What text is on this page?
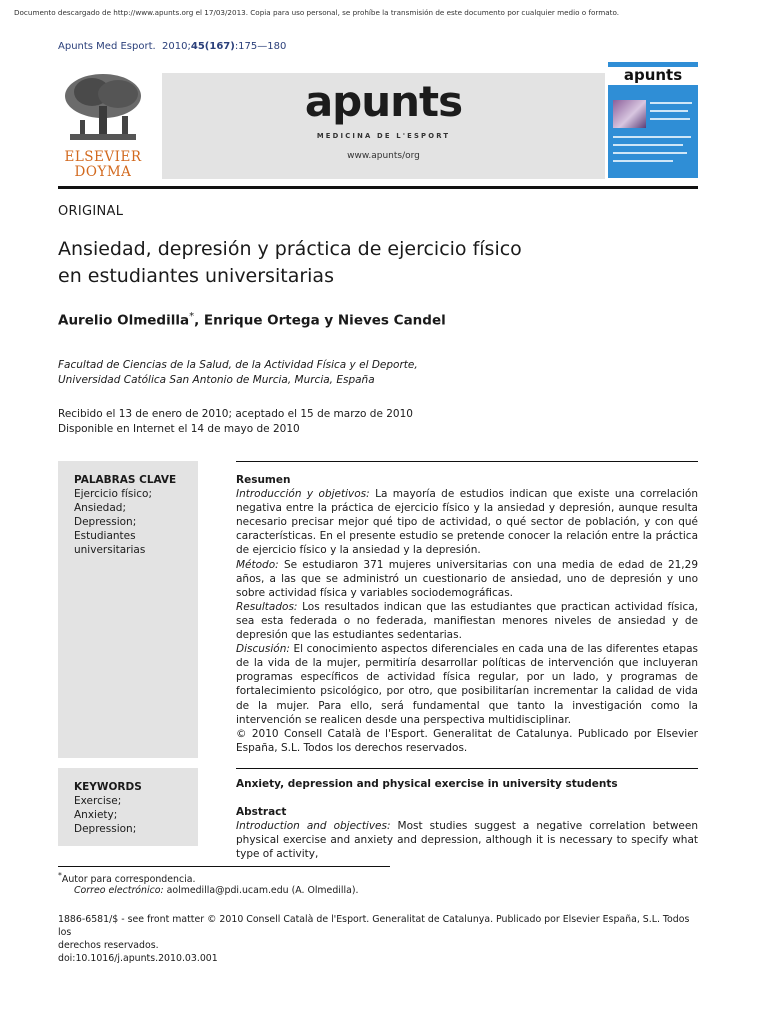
Documento descargado de http://www.apunts.org el 17/03/2013. Copia para uso personal, se prohíbe la transmisión de este documento por cualquier medio o formato.
Apunts Med Esport. 2010;45(167):175—180
ELSEVIER
DOYMA
apunts
MEDICINA DE L'ESPORT
www.apunts/org
apunts
ORIGINAL
Ansiedad, depresión y práctica de ejercicio físico
en estudiantes universitarias
Aurelio Olmedilla*, Enrique Ortega y Nieves Candel
Facultad de Ciencias de la Salud, de la Actividad Física y el Deporte,
Universidad Católica San Antonio de Murcia, Murcia, España
Recibido el 13 de enero de 2010; aceptado el 15 de marzo de 2010
Disponible en Internet el 14 de mayo de 2010
PALABRAS CLAVE
Ejercicio físico;
Ansiedad;
Depression;
Estudiantes
universitarias
KEYWORDS
Exercise;
Anxiety;
Depression;

Resumen

Introducción y objetivos: La mayoría de estudios indican que existe una correlación negativa entre la práctica de ejercicio físico y la ansiedad y depresión, aunque resulta necesario precisar mejor qué tipo de actividad, o qué sector de población, y con qué características. En el presente estudio se pretende conocer la relación entre la práctica de ejercicio físico y la ansiedad y la depresión.

Método: Se estudiaron 371 mujeres universitarias con una media de edad de 21,29 años, a las que se administró un cuestionario de ansiedad, uno de depresión y uno sobre actividad física y variables sociodemográficas.

Resultados: Los resultados indican que las estudiantes que practican actividad física, sea esta federada o no federada, manifiestan menores niveles de ansiedad y de depresión que las estudiantes sedentarias.

Discusión: El conocimiento aspectos diferenciales en cada una de las diferentes etapas de la vida de la mujer, permitiría desarrollar políticas de intervención que incluyeran programas específicos de actividad física regular, por un lado, y programas de fortalecimiento psicológico, por otro, que posibilitarían incrementar la calidad de vida de la mujer. Para ello, será fundamental que tanto la investigación como la intervención se realicen desde una perspectiva multidisciplinar.

© 2010 Consell Català de l'Esport. Generalitat de Catalunya. Publicado por Elsevier España, S.L. Todos los derechos reservados.

Anxiety, depression and physical exercise in university students

Abstract

Introduction and objectives: Most studies suggest a negative correlation between physical exercise and anxiety and depression, although it is necessary to specify what type of activity,

*Autor para correspondencia.
Correo electrónico: aolmedilla@pdi.ucam.edu (A. Olmedilla).
1886-6581/$ - see front matter © 2010 Consell Català de l'Esport. Generalitat de Catalunya. Publicado por Elsevier España, S.L. Todos los
derechos reservados.
doi:10.1016/j.apunts.2010.03.001
